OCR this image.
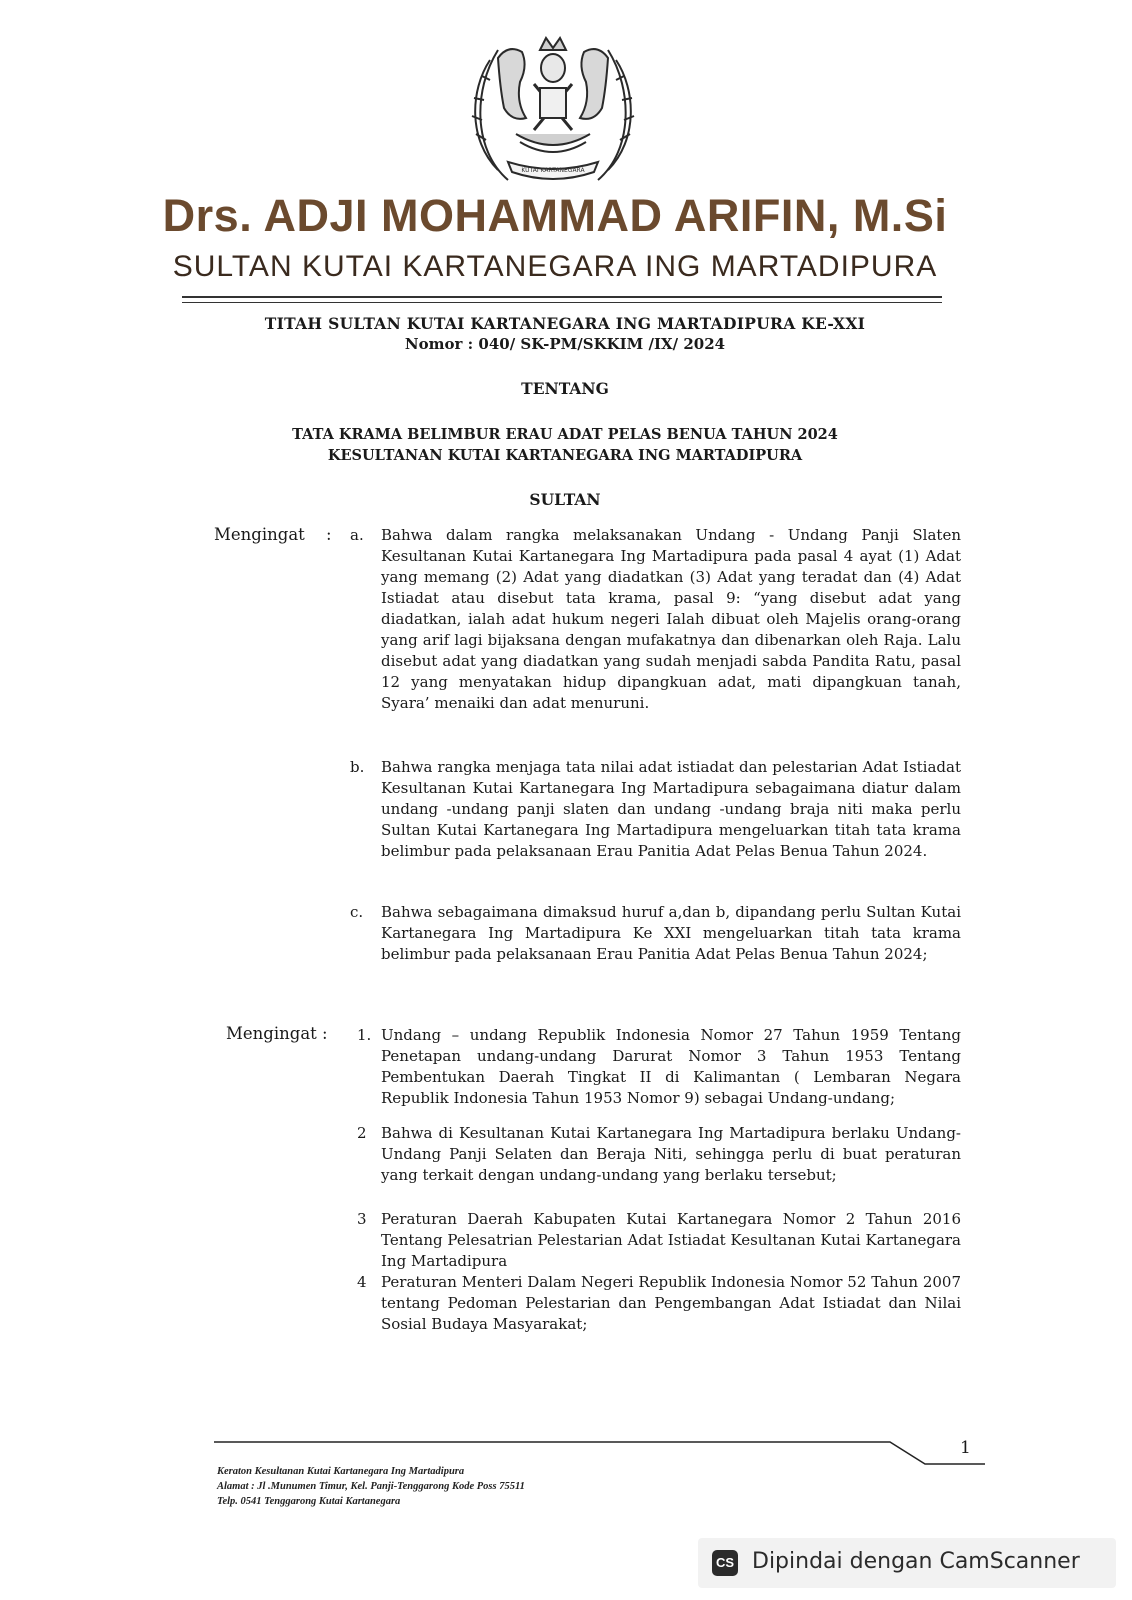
KUTAI KARTANEGARA
Drs. ADJI MOHAMMAD ARIFIN, M.Si
SULTAN KUTAI KARTANEGARA ING MARTADIPURA
TITAH SULTAN KUTAI KARTANEGARA ING MARTADIPURA KE-XXI
Nomor : 040/ SK-PM/SKKIM /IX/ 2024
TENTANG
TATA KRAMA BELIMBUR ERAU ADAT PELAS BENUA TAHUN 2024
KESULTANAN KUTAI KARTANEGARA ING MARTADIPURA
SULTAN
Mengingat : a. Bahwa dalam rangka melaksanakan Undang - Undang Panji Slaten Kesultanan Kutai Kartanegara Ing Martadipura pada pasal 4 ayat (1) Adat yang memang (2) Adat yang diadatkan (3) Adat yang teradat dan (4) Adat Istiadat atau disebut tata krama, pasal 9: “yang disebut adat yang diadatkan, ialah adat hukum negeri Ialah dibuat oleh Majelis orang-orang yang arif lagi bijaksana dengan mufakatnya dan dibenarkan oleh Raja. Lalu disebut adat yang diadatkan yang sudah menjadi sabda Pandita Ratu, pasal 12 yang menyatakan hidup dipangkuan adat, mati dipangkuan tanah, Syara’ menaiki dan adat menuruni.

b. Bahwa rangka menjaga tata nilai adat istiadat dan pelestarian Adat Istiadat Kesultanan Kutai Kartanegara Ing Martadipura sebagaimana diatur dalam undang -undang panji slaten dan undang -undang braja niti maka perlu Sultan Kutai Kartanegara Ing Martadipura mengeluarkan titah tata krama belimbur pada pelaksanaan Erau Panitia Adat Pelas Benua Tahun 2024.

c. Bahwa sebagaimana dimaksud huruf a,dan b, dipandang perlu Sultan Kutai Kartanegara Ing Martadipura Ke XXI mengeluarkan titah tata krama belimbur pada pelaksanaan Erau Panitia Adat Pelas Benua Tahun 2024;

Mengingat : 1. Undang – undang Republik Indonesia Nomor 27 Tahun 1959 Tentang Penetapan undang-undang Darurat Nomor 3 Tahun 1953 Tentang Pembentukan Daerah Tingkat II di Kalimantan ( Lembaran Negara Republik Indonesia Tahun 1953 Nomor 9) sebagai Undang-undang;

2 Bahwa di Kesultanan Kutai Kartanegara Ing Martadipura berlaku Undang-Undang Panji Selaten dan Beraja Niti, sehingga perlu di buat peraturan yang terkait dengan undang-undang yang berlaku tersebut;

3 Peraturan Daerah Kabupaten Kutai Kartanegara Nomor 2 Tahun 2016 Tentang Pelesatrian Pelestarian Adat Istiadat Kesultanan Kutai Kartanegara Ing Martadipura

4 Peraturan Menteri Dalam Negeri Republik Indonesia Nomor 52 Tahun 2007 tentang Pedoman Pelestarian dan Pengembangan Adat Istiadat dan Nilai Sosial Budaya Masyarakat;

1
Keraton Kesultanan Kutai Kartanegara Ing Martadipura
Alamat : Jl .Munumen Timur, Kel. Panji-Tenggarong Kode Poss 75511
Telp. 0541 Tenggarong Kutai Kartanegara
CS Dipindai dengan CamScanner
